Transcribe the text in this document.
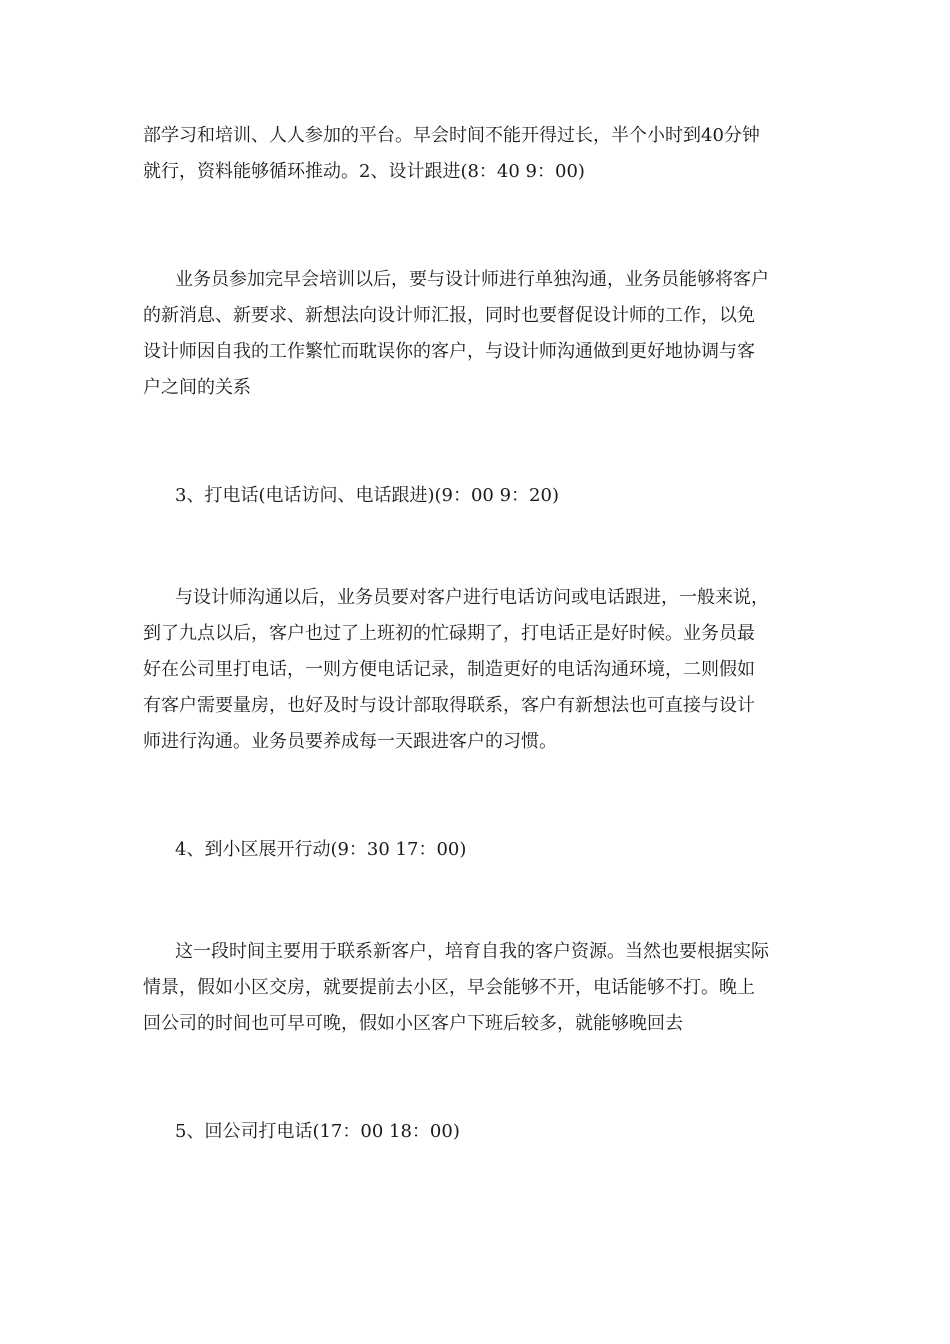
部学习和培训、人人参加的平台。早会时间不能开得过长，半个小时到40分钟
就行，资料能够循环推动。2、设计跟进(8：40 9：00)

业务员参加完早会培训以后，要与设计师进行单独沟通，业务员能够将客户
的新消息、新要求、新想法向设计师汇报，同时也要督促设计师的工作，以免
设计师因自我的工作繁忙而耽误你的客户，与设计师沟通做到更好地协调与客
户之间的关系

3、打电话(电话访问、电话跟进)(9：00 9：20)

与设计师沟通以后，业务员要对客户进行电话访问或电话跟进，一般来说，
到了九点以后，客户也过了上班初的忙碌期了，打电话正是好时候。业务员最
好在公司里打电话，一则方便电话记录，制造更好的电话沟通环境，二则假如
有客户需要量房，也好及时与设计部取得联系，客户有新想法也可直接与设计
师进行沟通。业务员要养成每一天跟进客户的习惯。

4、到小区展开行动(9：30 17：00)

这一段时间主要用于联系新客户，培育自我的客户资源。当然也要根据实际
情景，假如小区交房，就要提前去小区，早会能够不开，电话能够不打。晚上
回公司的时间也可早可晚，假如小区客户下班后较多，就能够晚回去

5、回公司打电话(17：00 18：00)
